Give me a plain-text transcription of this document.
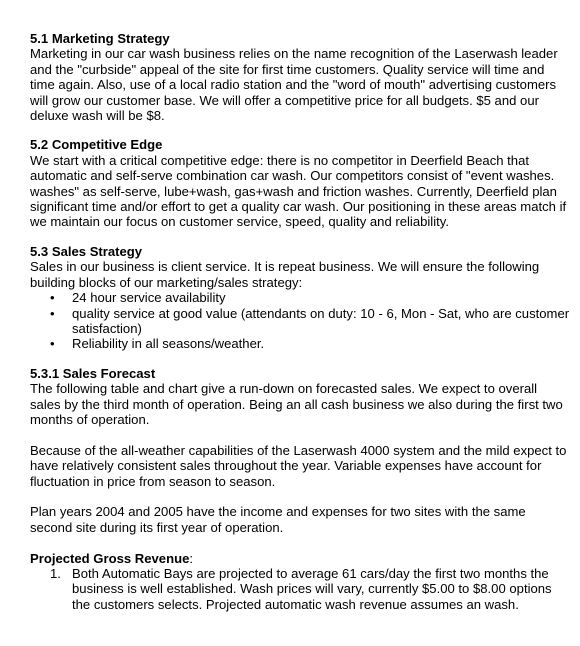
5.1 Marketing Strategy

Marketing in our car wash business relies on the name recognition of the Laserwash leader and the "curbside" appeal of the site for first time customers. Quality service will time and time again. Also, use of a local radio station and the "word of mouth" advertising customers will grow our customer base. We will offer a competitive price for all budgets. $5 and our deluxe wash will be $8.

5.2 Competitive Edge

We start with a critical competitive edge: there is no competitor in Deerfield Beach that automatic and self-serve combination car wash. Our competitors consist of "event washes. washes" as self-serve, lube+wash, gas+wash and friction washes. Currently, Deerfield plan significant time and/or effort to get a quality car wash. Our positioning in these areas match if we maintain our focus on customer service, speed, quality and reliability.

5.3 Sales Strategy

Sales in our business is client service. It is repeat business. We will ensure the following building blocks of our marketing/sales strategy:

• 24 hour service availability
• quality service at good value (attendants on duty: 10 - 6, Mon - Sat, who are customer satisfaction)
• Reliability in all seasons/weather.

5.3.1 Sales Forecast

The following table and chart give a run-down on forecasted sales. We expect to overall sales by the third month of operation. Being an all cash business we also during the first two months of operation.

Because of the all-weather capabilities of the Laserwash 4000 system and the mild expect to have relatively consistent sales throughout the year. Variable expenses have account for fluctuation in price from season to season.

Plan years 2004 and 2005 have the income and expenses for two sites with the same second site during its first year of operation.

Projected Gross Revenue:

1. Both Automatic Bays are projected to average 61 cars/day the first two months the business is well established. Wash prices will vary, currently $5.00 to $8.00 options the customers selects. Projected automatic wash revenue assumes an wash.
